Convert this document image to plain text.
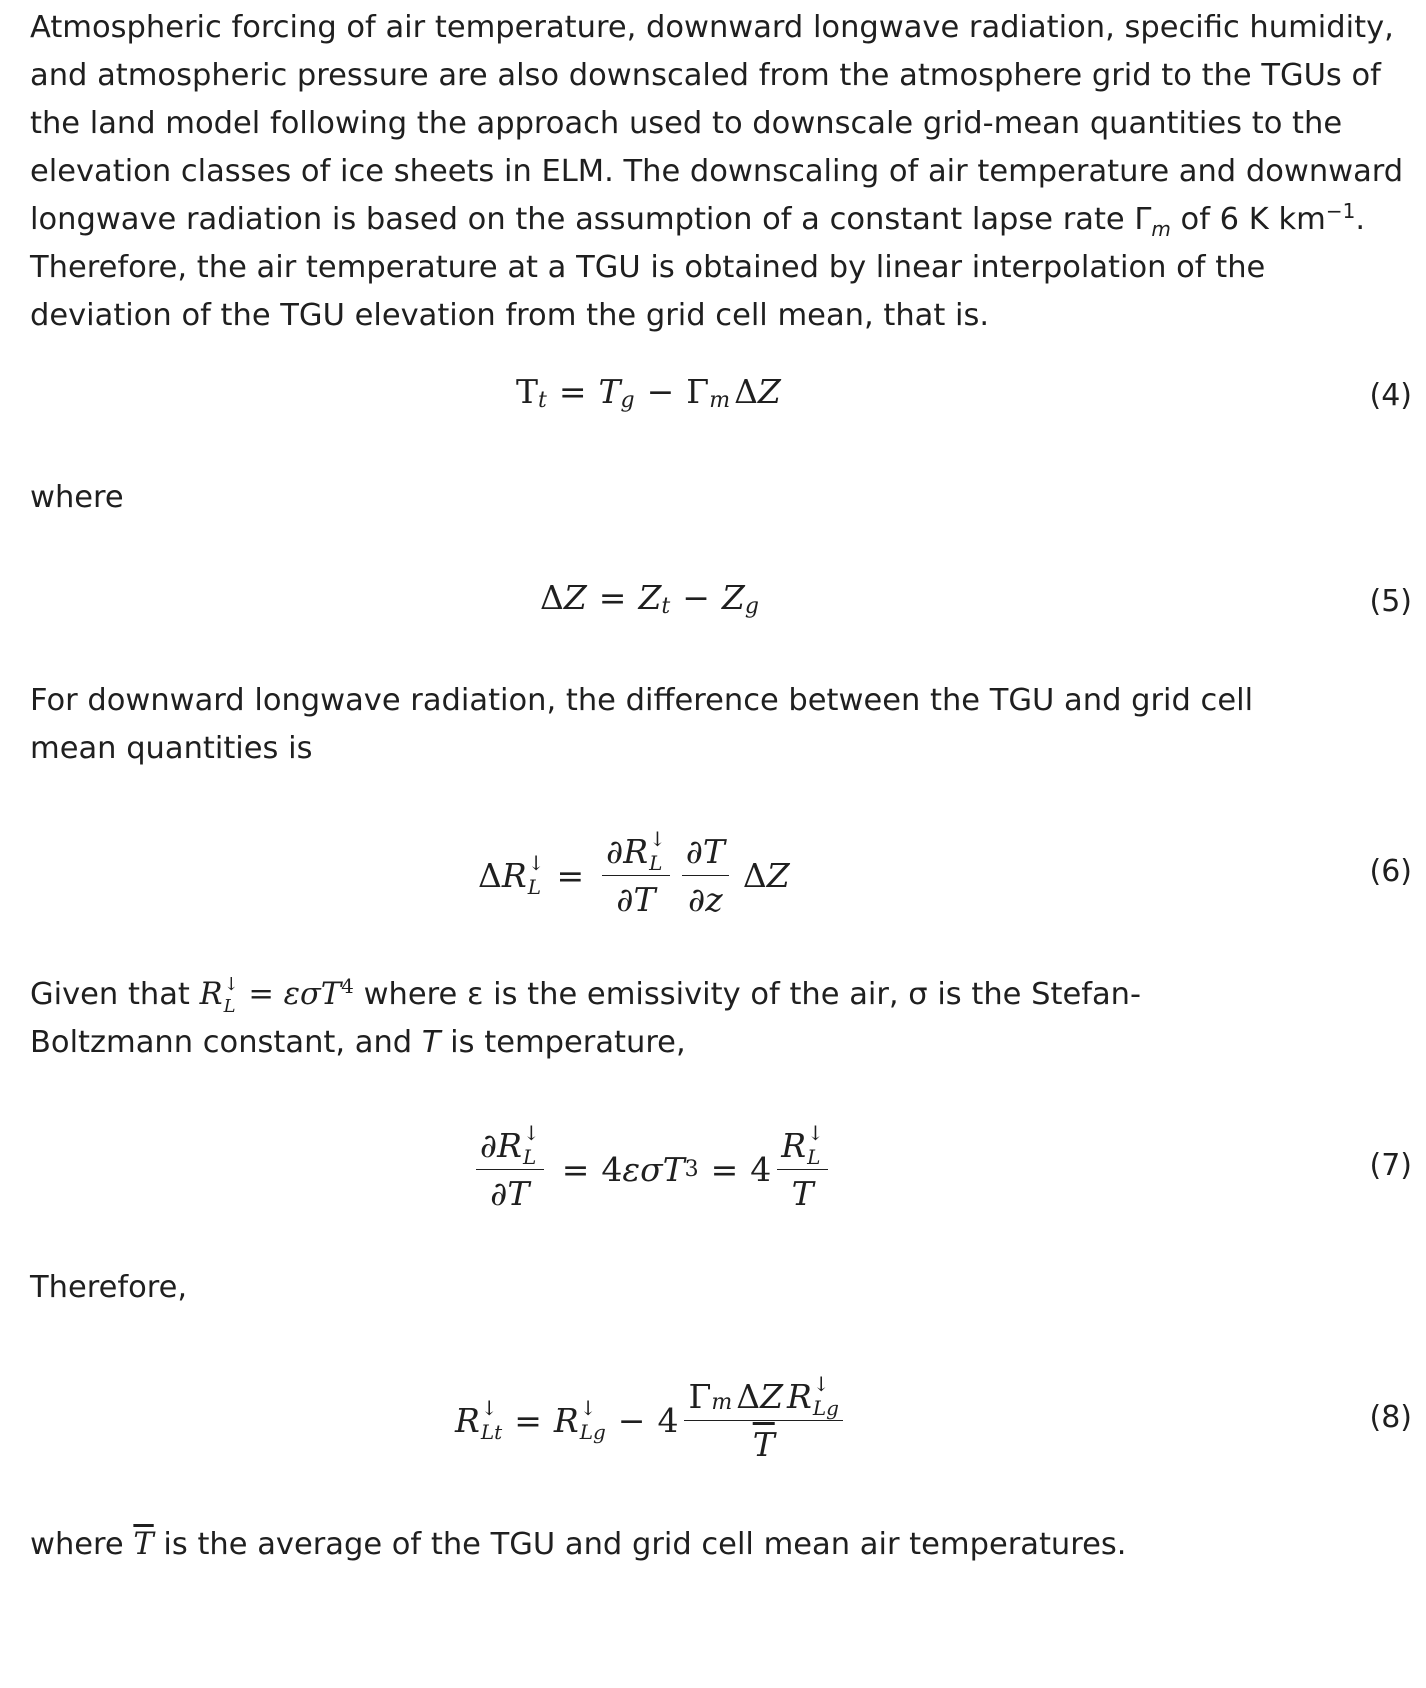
Atmospheric forcing of air temperature, downward longwave radiation, specific humidity, and atmospheric pressure are also downscaled from the atmosphere grid to the TGUs of the land model following the approach used to downscale grid-mean quantities to the elevation classes of ice sheets in ELM. The downscaling of air temperature and downward longwave radiation is based on the assumption of a constant lapse rate $\Gamma_m$ of 6 K $km^{-1}$. Therefore, the air temperature at a TGU is obtained by linear interpolation of the deviation of the TGU elevation from the grid cell mean, that is.

T t = T g − Γ m Δ Z	(4)

where

Δ Z = Z t − Z g	(5)

For downward longwave radiation, the difference between the TGU and grid cell mean quantities is

Δ R ↓
L = ∂ R ↓
L
∂ T $\frac{\partial T}{\partial z}$ Δ Z	(6)

Given that R ↓
L = εσT$^4$ where ε is the emissivity of the air, σ is the Stefan-Boltzmann constant, and T is temperature,

∂ R ↓
L
∂ T = 4 εσT 3 = 4 R ↓
L
T	(7)

Therefore,

R ↓
Lt = R ↓
Lg − 4 Γ m Δ Z R ↓
Lg
T	(8)

where $\overline{T}$ is the average of the TGU and grid cell mean air temperatures.
